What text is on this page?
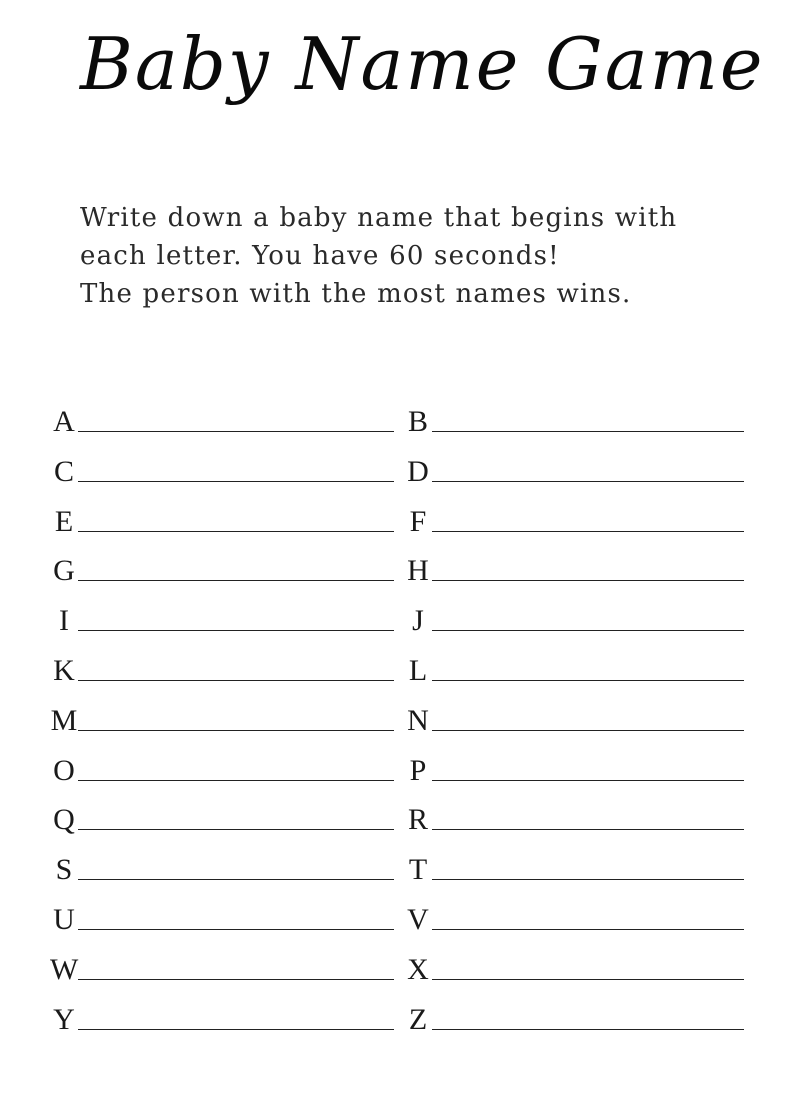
Baby Name Game
Write down a baby name that begins with
each letter. You have 60 seconds!
The person with the most names wins.
A	B
C	D
E	F
G	H
I	J
K	L
M	N
O	P
Q	R
S	T
U	V
W	X
Y	Z
